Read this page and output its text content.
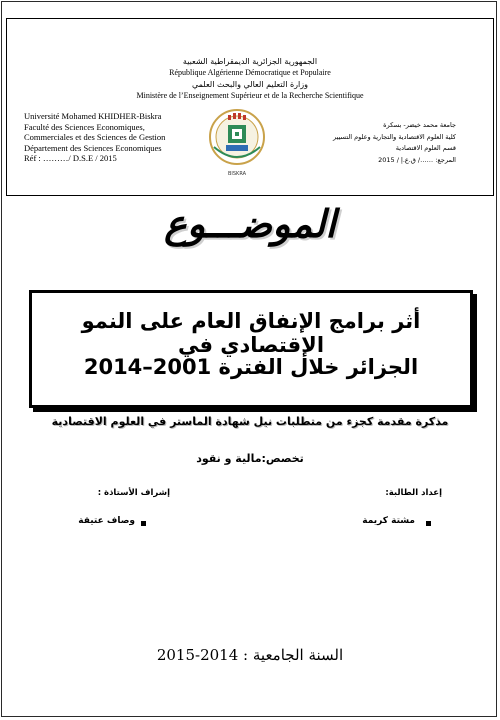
الجمهورية الجزائرية الديمقراطية الشعبية
République Algérienne Démocratique et Populaire
وزارة التعليم العالي والبحث العلمي
Ministère de l’Enseignement Supérieur et de la Recherche Scientifique
Université Mohamed KHIDHER-Biskra
Faculté des Sciences Economiques,
Commerciales et des Sciences de Gestion
Département des Sciences Economiques
Réf : ………/ D.S.E / 2015
BISKRA
جامعة محمد خيضر- بسكرة
كلية العلوم الاقتصادية والتجارية وعلوم التسيير
قسم العلوم الاقتصادية
المرجع: ……/ ق.ع.إ / 2015
الموضـــوع
أثر برامج الإنفاق العام على النمو الإقتصادي في
الجزائر خلال الفترة 2001–2014
مذكرة مقدمة كجزء من متطلبات نيل شهادة الماستر في العلوم الاقتصادية
تخصص:مالية و نقود
إعداد الطالبة:
إشراف الأستاذة :
مشتة كريمة
وصاف عتيقة
السنة الجامعية : 2014-2015
